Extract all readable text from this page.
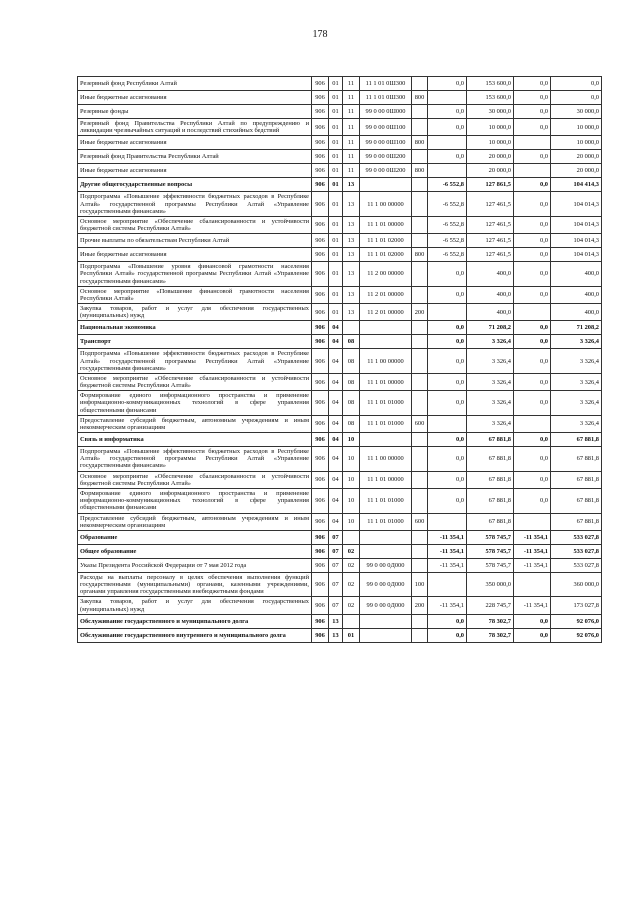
178
Резервный фонд Республики Алтай	906	01	11	11 1 01 0Ш300		0,0	153 600,0	0,0	0,0
Иные бюджетные ассигнования	906	01	11	11 1 01 0Ш300	800		153 600,0	0,0	0,0
Резервные фонды	906	01	11	99 0 00 0Ш000		0,0	30 000,0	0,0	30 000,0
Резервный фонд Правительства Республики Алтай по предупреждению и ликвидации чрезвычайных ситуаций и последствий стихийных бедствий	906	01	11	99 0 00 0Ш100		0,0	10 000,0	0,0	10 000,0
Иные бюджетные ассигнования	906	01	11	99 0 00 0Ш100	800		10 000,0		10 000,0
Резервный фонд Правительства Республики Алтай	906	01	11	99 0 00 0Ш200		0,0	20 000,0	0,0	20 000,0
Иные бюджетные ассигнования	906	01	11	99 0 00 0Ш200	800		20 000,0		20 000,0
Другие общегосударственные вопросы	906	01	13			-6 552,8	127 861,5	0,0	104 414,3
Подпрограмма «Повышение эффективности бюджетных расходов в Республике Алтай» государственной программы Республики Алтай «Управление государственными финансами»	906	01	13	11 1 00 00000		-6 552,8	127 461,5	0,0	104 014,3
Основное мероприятие «Обеспечение сбалансированности и устойчивости бюджетной системы Республики Алтай»	906	01	13	11 1 01 00000		-6 552,8	127 461,5	0,0	104 014,3
Прочие выплаты по обязательствам Республики Алтай	906	01	13	11 1 01 02000		-6 552,8	127 461,5	0,0	104 014,3
Иные бюджетные ассигнования	906	01	13	11 1 01 02000	800	-6 552,8	127 461,5	0,0	104 014,3
Подпрограмма «Повышение уровня финансовой грамотности населения Республики Алтай» государственной программы Республики Алтай «Управление государственными финансами»	906	01	13	11 2 00 00000		0,0	400,0	0,0	400,0
Основное мероприятие «Повышение финансовой грамотности населения Республики Алтай»	906	01	13	11 2 01 00000		0,0	400,0	0,0	400,0
Закупка товаров, работ и услуг для обеспечения государственных (муниципальных) нужд	906	01	13	11 2 01 00000	200		400,0		400,0
Национальная экономика	906	04				0,0	71 208,2	0,0	71 208,2
Транспорт	906	04	08			0,0	3 326,4	0,0	3 326,4
Подпрограмма «Повышение эффективности бюджетных расходов в Республике Алтай» государственной программы Республики Алтай «Управление государственными финансами»	906	04	08	11 1 00 00000		0,0	3 326,4	0,0	3 326,4
Основное мероприятие «Обеспечение сбалансированности и устойчивости бюджетной системы Республики Алтай»	906	04	08	11 1 01 00000		0,0	3 326,4	0,0	3 326,4
Формирование единого информационного пространства и применение информационно-коммуникационных технологий в сфере управления общественными финансами	906	04	08	11 1 01 01000		0,0	3 326,4	0,0	3 326,4
Предоставление субсидий бюджетным, автономным учреждениям и иным некоммерческим организациям	906	04	08	11 1 01 01000	600		3 326,4		3 326,4
Связь и информатика	906	04	10			0,0	67 881,8	0,0	67 881,8
Подпрограмма «Повышение эффективности бюджетных расходов в Республике Алтай» государственной программы Республики Алтай «Управление государственными финансами»	906	04	10	11 1 00 00000		0,0	67 881,8	0,0	67 881,8
Основное мероприятие «Обеспечение сбалансированности и устойчивости бюджетной системы Республики Алтай»	906	04	10	11 1 01 00000		0,0	67 881,8	0,0	67 881,8
Формирование единого информационного пространства и применение информационно-коммуникационных технологий в сфере управления общественными финансами	906	04	10	11 1 01 01000		0,0	67 881,8	0,0	67 881,8
Предоставление субсидий бюджетным, автономным учреждениям и иным некоммерческим организациям	906	04	10	11 1 01 01000	600		67 881,8		67 881,8
Образование	906	07				-11 354,1	578 745,7	-11 354,1	533 027,8
Общее образование	906	07	02			-11 354,1	578 745,7	-11 354,1	533 027,8
Указы Президента Российской Федерации от 7 мая 2012 года	906	07	02	99 0 00 0Д000		-11 354,1	578 745,7	-11 354,1	533 027,8
Расходы на выплаты персоналу в целях обеспечения выполнения функций государственными (муниципальными) органами, казенными учреждениями, органами управления государственными внебюджетными фондами	906	07	02	99 0 00 0Д000	100		350 000,0		360 000,0
Закупка товаров, работ и услуг для обеспечения государственных (муниципальных) нужд	906	07	02	99 0 00 0Д000	200	-11 354,1	228 745,7	-11 354,1	173 027,8
Обслуживание государственного и муниципального долга	906	13				0,0	78 302,7	0,0	92 076,0
Обслуживание государственного внутреннего и муниципального долга	906	13	01			0,0	78 302,7	0,0	92 076,0
